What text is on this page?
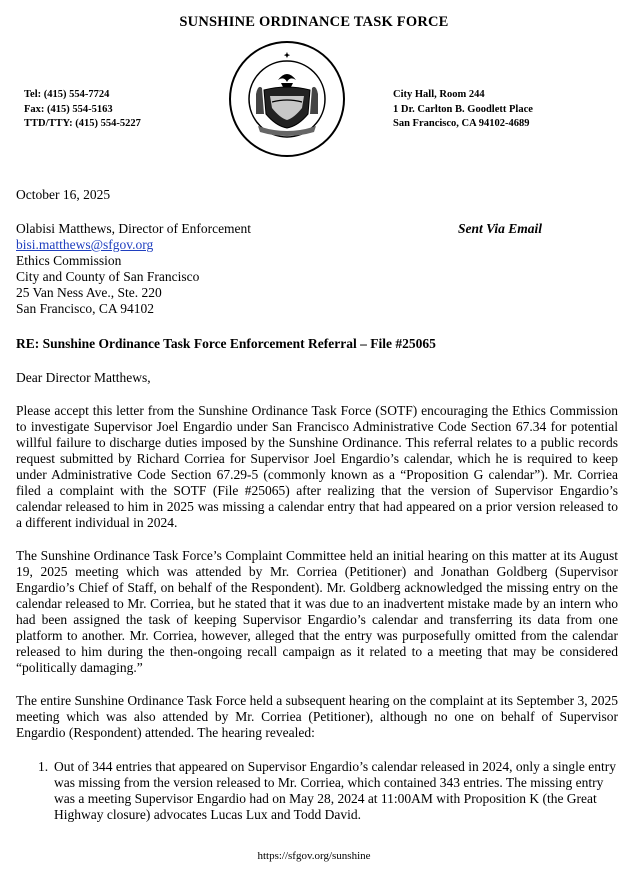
SUNSHINE ORDINANCE TASK FORCE
Tel: (415) 554-7724
Fax: (415) 554-5163
TTD/TTY: (415) 554-5227
✦
City Hall, Room 244
1 Dr. Carlton B. Goodlett Place
San Francisco, CA 94102-4689
October 16, 2025
Olabisi Matthews, Director of Enforcement
bisi.matthews@sfgov.org
Ethics Commission
City and County of San Francisco
25 Van Ness Ave., Ste. 220
San Francisco, CA 94102
Sent Via Email
RE: Sunshine Ordinance Task Force Enforcement Referral – File #25065
Dear Director Matthews,
Please accept this letter from the Sunshine Ordinance Task Force (SOTF) encouraging the Ethics Commission to investigate Supervisor Joel Engardio under San Francisco Administrative Code Section 67.34 for potential willful failure to discharge duties imposed by the Sunshine Ordinance. This referral relates to a public records request submitted by Richard Corriea for Supervisor Joel Engardio’s calendar, which he is required to keep under Administrative Code Section 67.29-5 (commonly known as a “Proposition G calendar”). Mr. Corriea filed a complaint with the SOTF (File #25065) after realizing that the version of Supervisor Engardio’s calendar released to him in 2025 was missing a calendar entry that had appeared on a prior version released to a different individual in 2024.
The Sunshine Ordinance Task Force’s Complaint Committee held an initial hearing on this matter at its August 19, 2025 meeting which was attended by Mr. Corriea (Petitioner) and Jonathan Goldberg (Supervisor Engardio’s Chief of Staff, on behalf of the Respondent). Mr. Goldberg acknowledged the missing entry on the calendar released to Mr. Corriea, but he stated that it was due to an inadvertent mistake made by an intern who had been assigned the task of keeping Supervisor Engardio’s calendar and transferring its data from one platform to another. Mr. Corriea, however, alleged that the entry was purposefully omitted from the calendar released to him during the then-ongoing recall campaign as it related to a meeting that may be considered “politically damaging.”
The entire Sunshine Ordinance Task Force held a subsequent hearing on the complaint at its September 3, 2025 meeting which was also attended by Mr. Corriea (Petitioner), although no one on behalf of Supervisor Engardio (Respondent) attended. The hearing revealed:
1. Out of 344 entries that appeared on Supervisor Engardio’s calendar released in 2024, only a single entry was missing from the version released to Mr. Corriea, which contained 343 entries. The missing entry was a meeting Supervisor Engardio had on May 28, 2024 at 11:00AM with Proposition K (the Great Highway closure) advocates Lucas Lux and Todd David.
https://sfgov.org/sunshine
